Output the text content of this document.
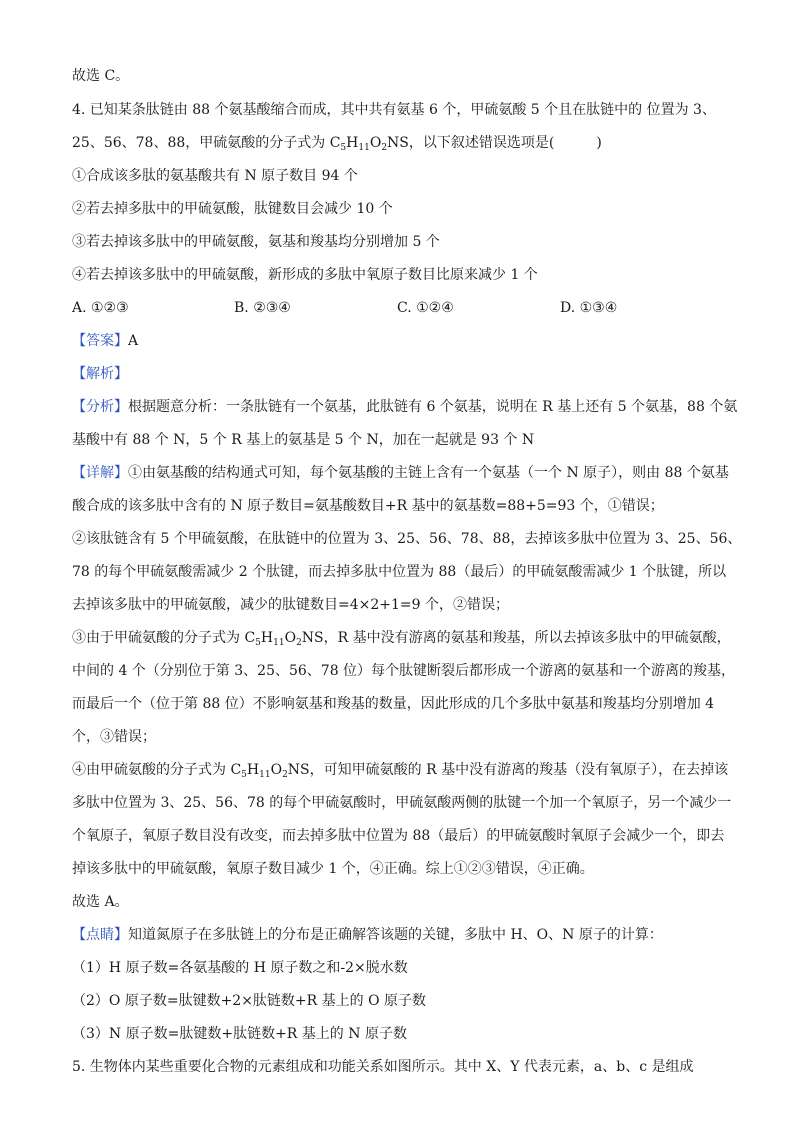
故选 C。
4. 已知某条肽链由 88 个氨基酸缩合而成，其中共有氨基 6 个，甲硫氨酸 5 个且在肽链中的 位置为 3、
25、56、78、88，甲硫氨酸的分子式为 $C_5H_{11}O_2NS$，以下叙述错误选项是(　　　)
①合成该多肽的氨基酸共有 N 原子数目 94 个
②若去掉多肽中的甲硫氨酸，肽键数目会减少 10 个
③若去掉该多肽中的甲硫氨酸，氨基和羧基均分别增加 5 个
④若去掉该多肽中的甲硫氨酸，新形成的多肽中氧原子数目比原来减少 1 个
A. ①②③	B. ②③④	C. ①②④	D. ①③④
【答案】A
【解析】
【分析】根据题意分析：一条肽链有一个氨基，此肽链有 6 个氨基，说明在 R 基上还有 5 个氨基，88 个氨
基酸中有 88 个 N，5 个 R 基上的氨基是 5 个 N，加在一起就是 93 个 N
【详解】①由氨基酸的结构通式可知，每个氨基酸的主链上含有一个氨基（一个 N 原子），则由 88 个氨基
酸合成的该多肽中含有的 N 原子数目=氨基酸数目+R 基中的氨基数=88+5=93 个，①错误；
②该肽链含有 5 个甲硫氨酸，在肽链中的位置为 3、25、56、78、88，去掉该多肽中位置为 3、25、56、
78 的每个甲硫氨酸需减少 2 个肽键，而去掉多肽中位置为 88（最后）的甲硫氨酸需减少 1 个肽键，所以
去掉该多肽中的甲硫氨酸，减少的肽键数目=4×2+1=9 个，②错误；
③由于甲硫氨酸的分子式为 $C_5H_{11}O_2NS$，R 基中没有游离的氨基和羧基，所以去掉该多肽中的甲硫氨酸，
中间的 4 个（分别位于第 3、25、56、78 位）每个肽键断裂后都形成一个游离的氨基和一个游离的羧基，
而最后一个（位于第 88 位）不影响氨基和羧基的数量，因此形成的几个多肽中氨基和羧基均分别增加 4
个，③错误；
④由甲硫氨酸的分子式为 $C_5H_{11}O_2NS$，可知甲硫氨酸的 R 基中没有游离的羧基（没有氧原子），在去掉该
多肽中位置为 3、25、56、78 的每个甲硫氨酸时，甲硫氨酸两侧的肽键一个加一个氧原子，另一个减少一
个氧原子，氧原子数目没有改变，而去掉多肽中位置为 88（最后）的甲硫氨酸时氧原子会减少一个，即去
掉该多肽中的甲硫氨酸，氧原子数目减少 1 个，④正确。综上①②③错误，④正确。
故选 A。
【点睛】知道氮原子在多肽链上的分布是正确解答该题的关键，多肽中 H、O、N 原子的计算：
（1）H 原子数=各氨基酸的 H 原子数之和-2×脱水数
（2）O 原子数=肽键数+2×肽链数+R 基上的 O 原子数
（3）N 原子数=肽键数+肽链数+R 基上的 N 原子数
5. 生物体内某些重要化合物的元素组成和功能关系如图所示。其中 X、Y 代表元素，a、b、c 是组成
